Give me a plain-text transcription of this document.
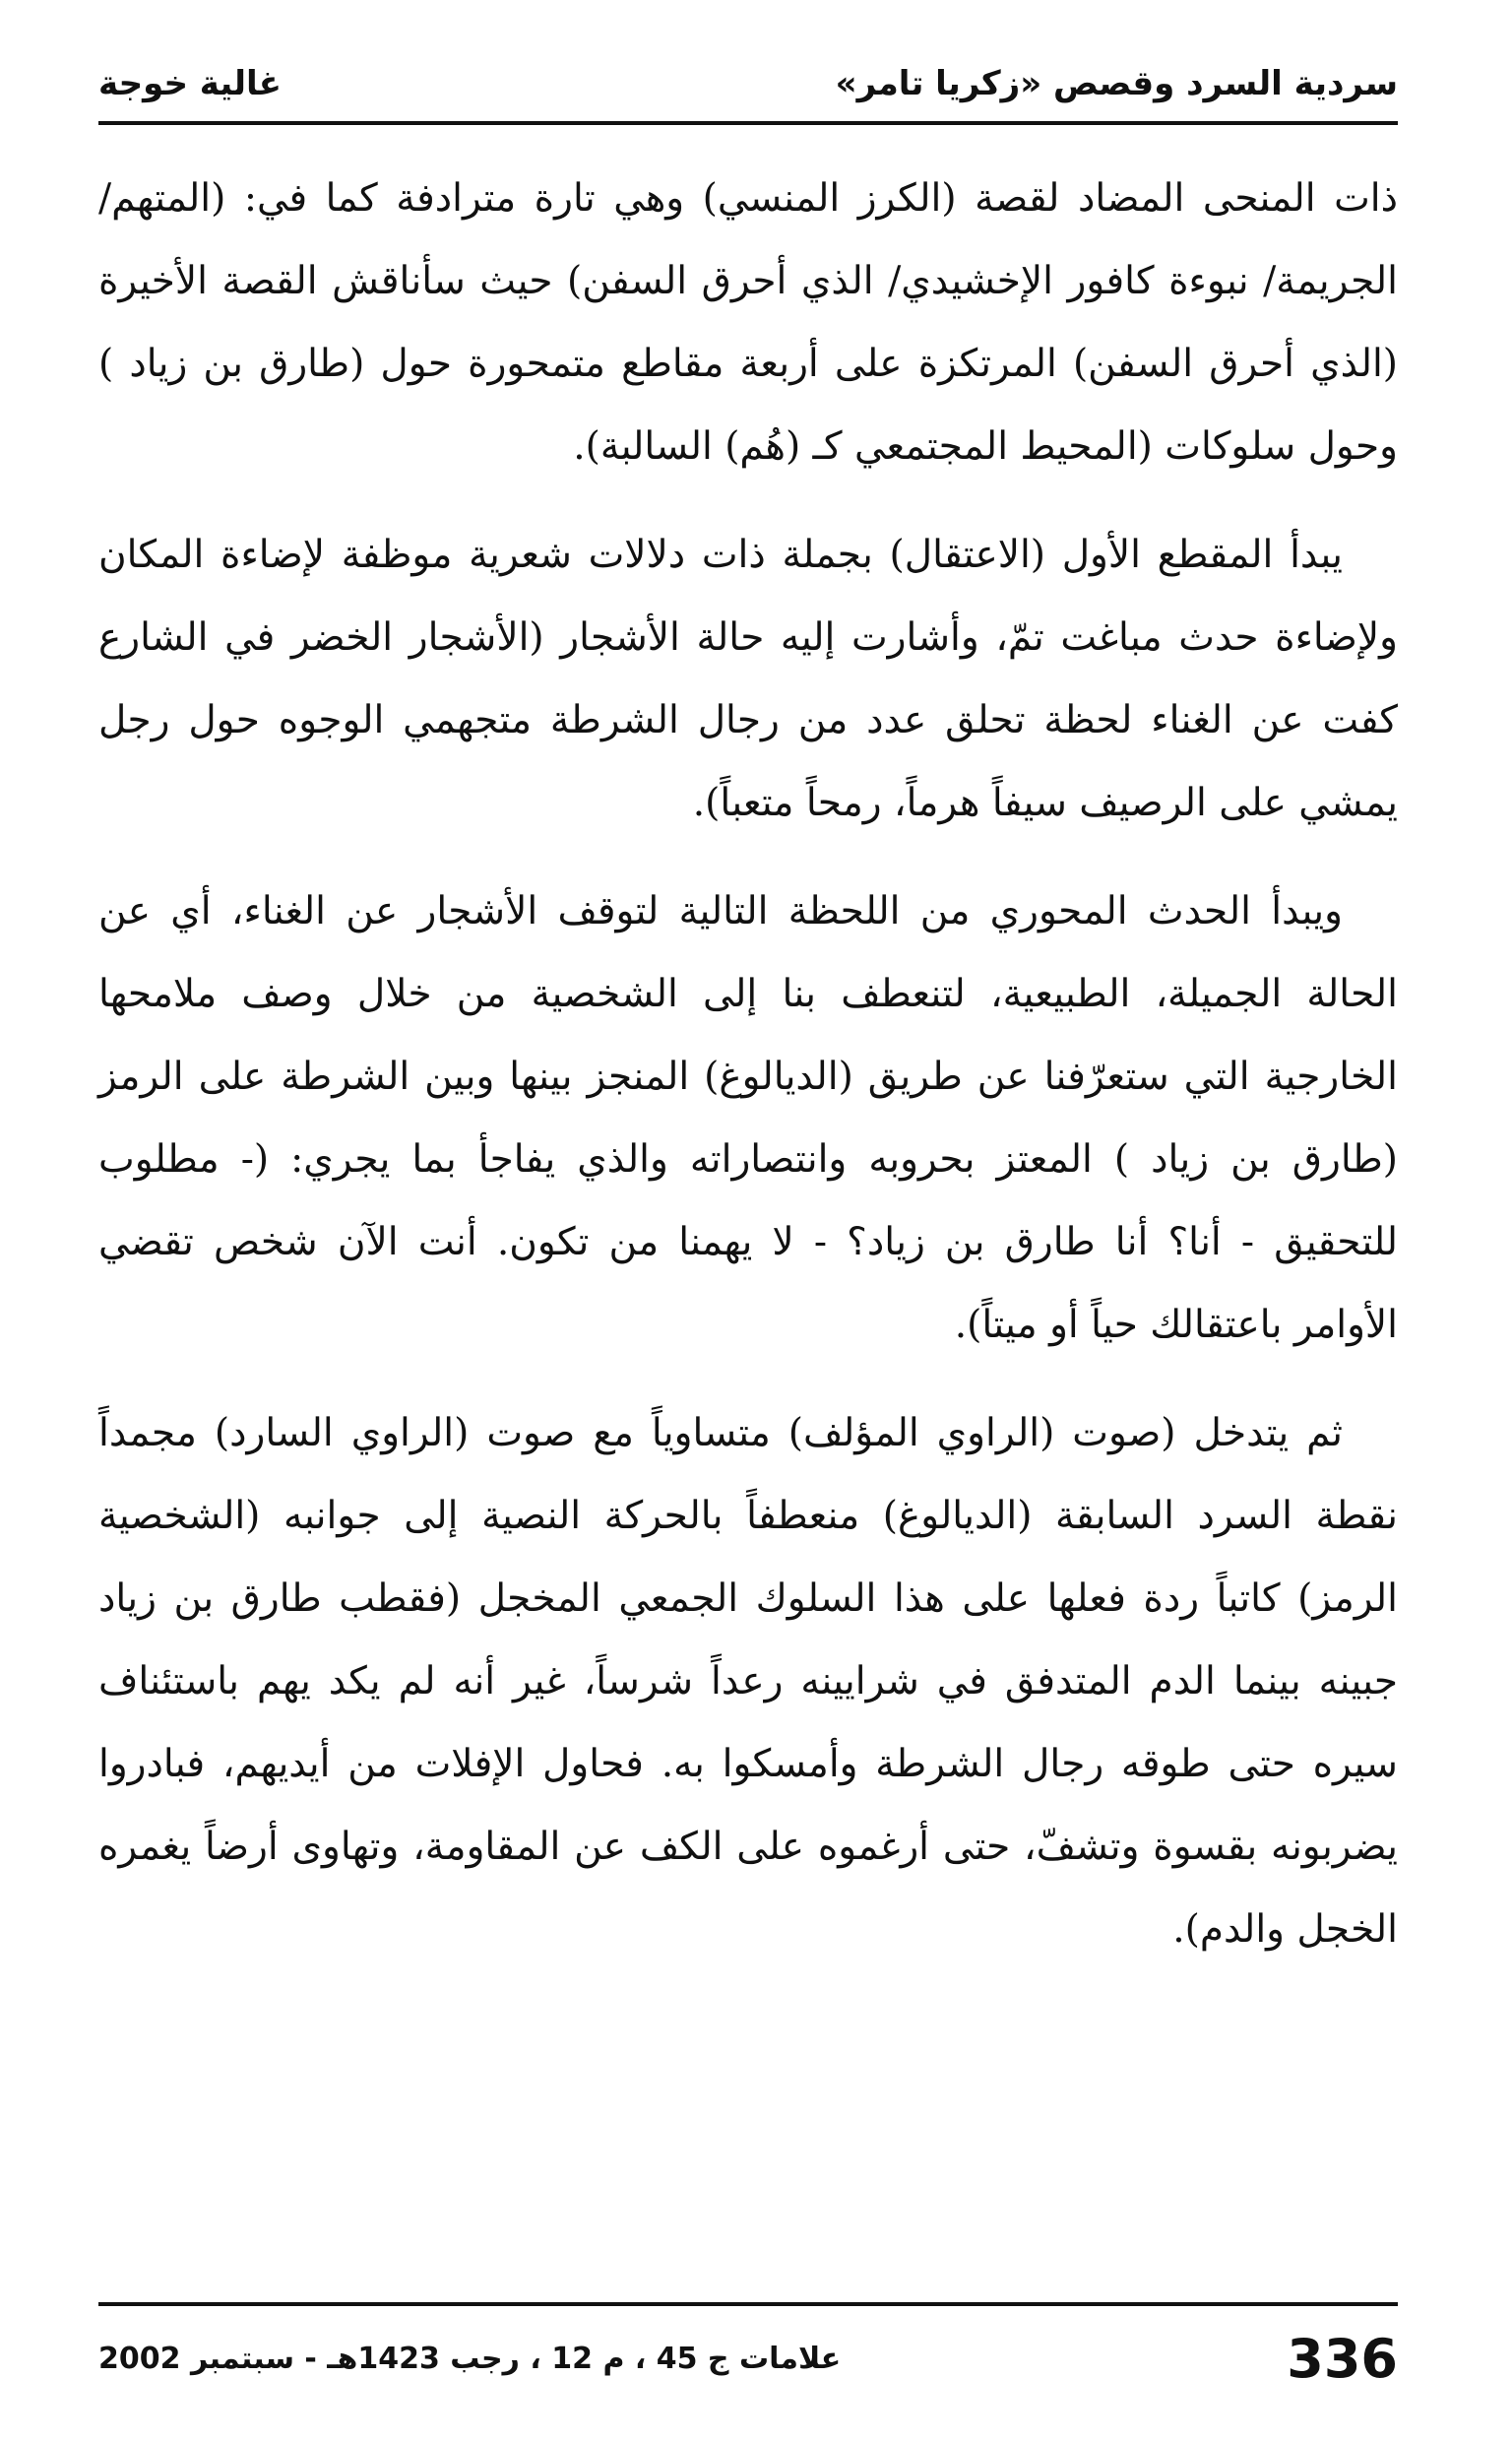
سردية السرد وقصص «زكريا تامر»
غالية خوجة

ذات المنحى المضاد لقصة (الكرز المنسي) وهي تارة مترادفة كما في: (المتهم/ الجريمة/ نبوءة كافور الإخشيدي/ الذي أحرق السفن) حيث سأناقش القصة الأخيرة (الذي أحرق السفن) المرتكزة على أربعة مقاطع متمحورة حول (طارق بن زياد ) وحول سلوكات (المحيط المجتمعي كـ (هُم) السالبة).

يبدأ المقطع الأول (الاعتقال) بجملة ذات دلالات شعرية موظفة لإضاءة المكان ولإضاءة حدث مباغت تمّ، وأشارت إليه حالة الأشجار (الأشجار الخضر في الشارع كفت عن الغناء لحظة تحلق عدد من رجال الشرطة متجهمي الوجوه حول رجل يمشي على الرصيف سيفاً هرماً، رمحاً متعباً).

ويبدأ الحدث المحوري من اللحظة التالية لتوقف الأشجار عن الغناء، أي عن الحالة الجميلة، الطبيعية، لتنعطف بنا إلى الشخصية من خلال وصف ملامحها الخارجية التي ستعرّفنا عن طريق (الديالوغ) المنجز بينها وبين الشرطة على الرمز (طارق بن زياد ) المعتز بحروبه وانتصاراته والذي يفاجأ بما يجري: (- مطلوب للتحقيق - أنا؟ أنا طارق بن زياد؟ - لا يهمنا من تكون. أنت الآن شخص تقضي الأوامر باعتقالك حياً أو ميتاً).

ثم يتدخل (صوت (الراوي المؤلف) متساوياً مع صوت (الراوي السارد) مجمداً نقطة السرد السابقة (الديالوغ) منعطفاً بالحركة النصية إلى جوانبه (الشخصية الرمز) كاتباً ردة فعلها على هذا السلوك الجمعي المخجل (فقطب طارق بن زياد جبينه بينما الدم المتدفق في شرايينه رعداً شرساً، غير أنه لم يكد يهم باستئناف سيره حتى طوقه رجال الشرطة وأمسكوا به. فحاول الإفلات من أيديهم، فبادروا يضربونه بقسوة وتشفّ، حتى أرغموه على الكف عن المقاومة، وتهاوى أرضاً يغمره الخجل والدم).

336
علامات ج 45 ، م 12 ، رجب 1423هـ - سبتمبر 2002
